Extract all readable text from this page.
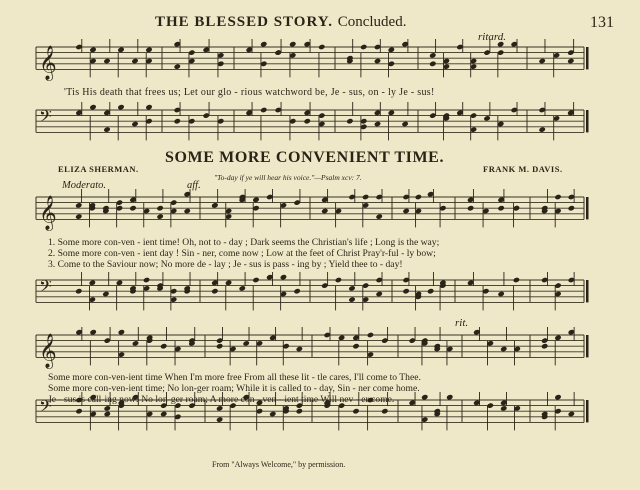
𝄞
𝄢
𝄞
𝄢
𝄞
𝄢
THE BLESSED STORY. Concluded.	131
ritard.
'Tis His death that frees us; Let our glo - rious watchword be, Je - sus, on - ly Je - sus!
SOME MORE CONVENIENT TIME.
ELIZA SHERMAN.	FRANK M. DAVIS.
"To-day if ye will hear his voice."—Psalm xcv: 7.
Moderato.	aff.
1. Some more con-ven - ient time! Oh, not to - day ; Dark seems the Christian's life ; Long is the way;
2. Some more con-ven - ient day ! Sin - ner, come now ; Low at the feet of Christ Pray'r-ful - ly bow;
3. Come to the Saviour now; No more de - lay ; Je - sus is pass - ing by ; Yield thee to - day!
rit.
Some more con-ven-ient time When I'm more free From all these lit - tle cares, I'll come to Thee.
Some more con-ven-ient time; No lon-ger roam; While it is called to - day, Sin - ner come home.
Je - sus is call-ing now! No lon-ger roam; A more con - ven - ient time Will nev - er come.
From "Always Welcome," by permission.
